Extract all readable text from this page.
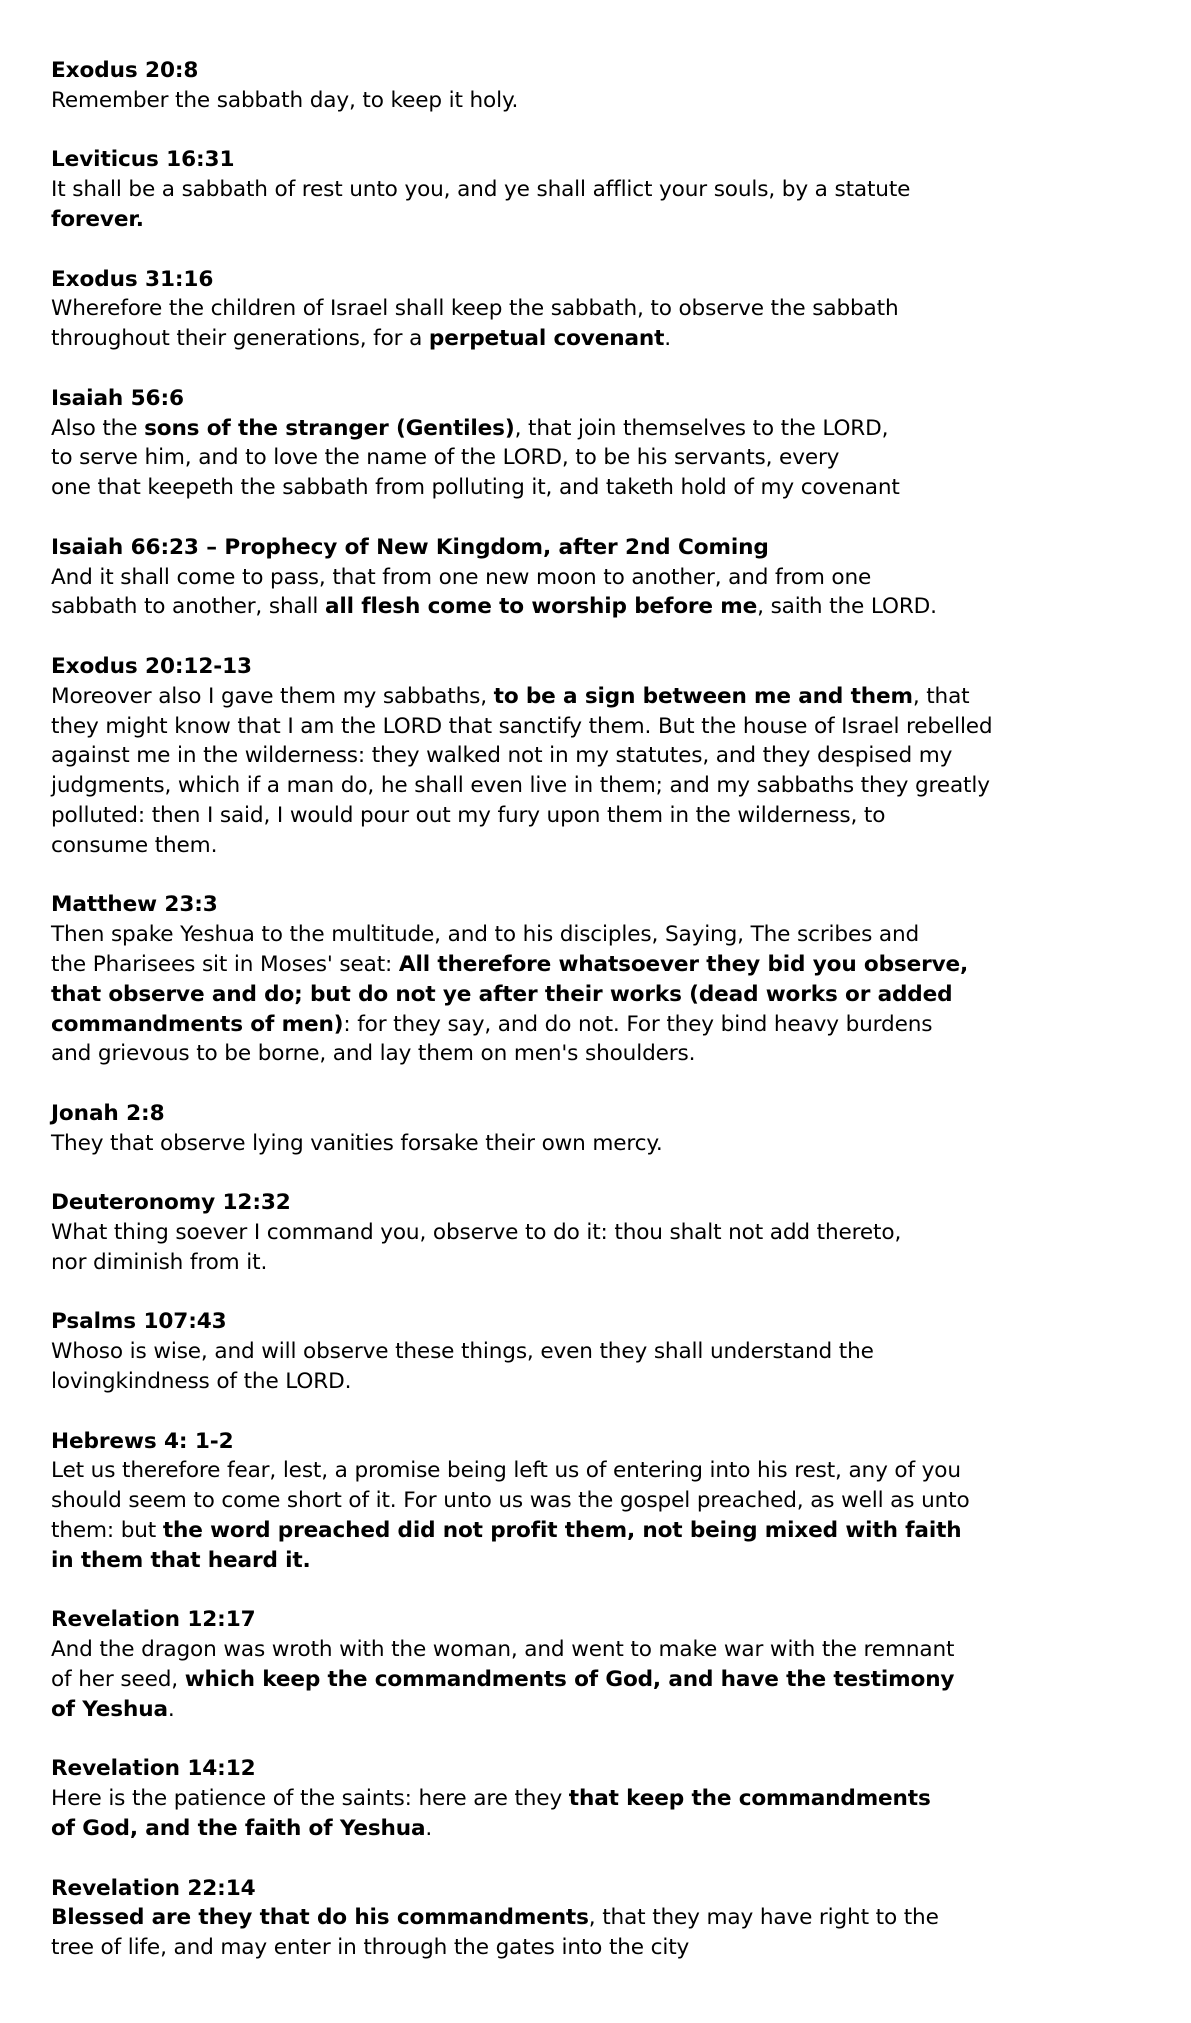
Exodus 20:8
Remember the sabbath day, to keep it holy.
Leviticus 16:31
It shall be a sabbath of rest unto you, and ye shall afflict your souls, by a statute
forever.
Exodus 31:16
Wherefore the children of Israel shall keep the sabbath, to observe the sabbath
throughout their generations, for a perpetual covenant.
Isaiah 56:6
Also the sons of the stranger (Gentiles), that join themselves to the LORD,
to serve him, and to love the name of the LORD, to be his servants, every
one that keepeth the sabbath from polluting it, and taketh hold of my covenant
Isaiah 66:23 – Prophecy of New Kingdom, after 2nd Coming
And it shall come to pass, that from one new moon to another, and from one
sabbath to another, shall all flesh come to worship before me, saith the LORD.
Exodus 20:12-13
Moreover also I gave them my sabbaths, to be a sign between me and them, that
they might know that I am the LORD that sanctify them. But the house of Israel rebelled
against me in the wilderness: they walked not in my statutes, and they despised my
judgments, which if a man do, he shall even live in them; and my sabbaths they greatly
polluted: then I said, I would pour out my fury upon them in the wilderness, to
consume them.
Matthew 23:3
Then spake Yeshua to the multitude, and to his disciples, Saying, The scribes and
the Pharisees sit in Moses' seat: All therefore whatsoever they bid you observe,
that observe and do; but do not ye after their works (dead works or added
commandments of men): for they say, and do not. For they bind heavy burdens
and grievous to be borne, and lay them on men's shoulders.
Jonah 2:8
They that observe lying vanities forsake their own mercy.
Deuteronomy 12:32
What thing soever I command you, observe to do it: thou shalt not add thereto,
nor diminish from it.
Psalms 107:43
Whoso is wise, and will observe these things, even they shall understand the
lovingkindness of the LORD.
Hebrews 4: 1-2
Let us therefore fear, lest, a promise being left us of entering into his rest, any of you
should seem to come short of it. For unto us was the gospel preached, as well as unto
them: but the word preached did not profit them, not being mixed with faith
in them that heard it.
Revelation 12:17
And the dragon was wroth with the woman, and went to make war with the remnant
of her seed, which keep the commandments of God, and have the testimony
of Yeshua.
Revelation 14:12
Here is the patience of the saints: here are they that keep the commandments
of God, and the faith of Yeshua.
Revelation 22:14
Blessed are they that do his commandments, that they may have right to the
tree of life, and may enter in through the gates into the city
